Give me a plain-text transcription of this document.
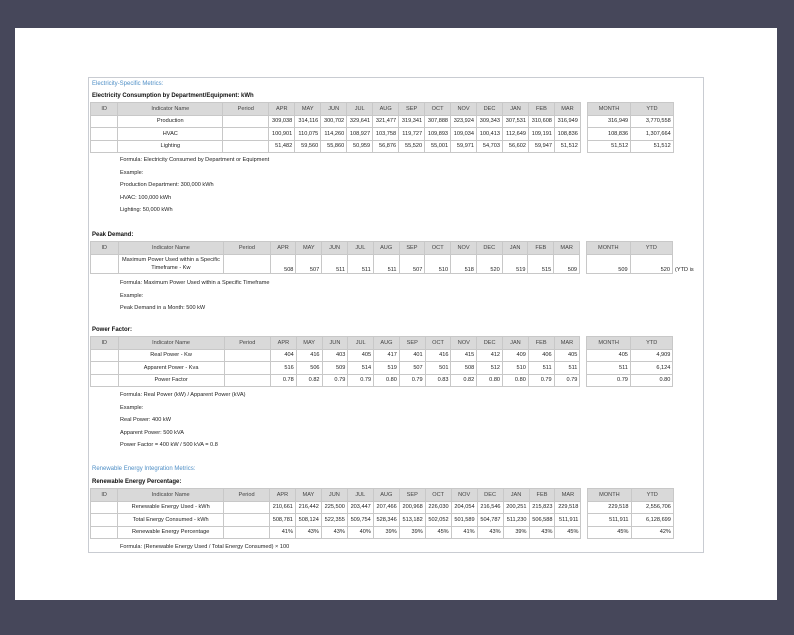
Electricity-Specific Metrics:
Electricity Consumption by Department/Equipment: kWh
ID	Indicator Name	Period	APR	MAY	JUN	JUL	AUG	SEP	OCT	NOV	DEC	JAN	FEB	MAR		MONTH	YTD	
	Production		309,038	314,116	300,702	329,641	321,477	319,341	307,888	323,924	309,343	307,531	310,608	316,949		316,949	3,770,558	
	HVAC		100,901	110,075	114,260	108,927	103,758	119,727	109,893	109,034	100,413	112,649	109,191	108,836		108,836	1,307,664	
	Lighting		51,482	59,560	55,860	50,959	56,876	55,520	55,001	59,971	54,703	56,602	59,947	51,512		51,512	51,512	
Formula: Electricity Consumed by Department or Equipment
Example:
Production Department: 300,000 kWh
HVAC: 100,000 kWh
Lighting: 50,000 kWh
Peak Demand:
ID	Indicator Name	Period	APR	MAY	JUN	JUL	AUG	SEP	OCT	NOV	DEC	JAN	FEB	MAR		MONTH	YTD	
	Maximum Power Used within a Specific Timeframe - Kw		508	507	511	511	511	507	510	518	520	519	515	509		509	520	(YTD is
Formula: Maximum Power Used within a Specific Timeframe
Example:
Peak Demand in a Month: 500 kW
Power Factor:
ID	Indicator Name	Period	APR	MAY	JUN	JUL	AUG	SEP	OCT	NOV	DEC	JAN	FEB	MAR		MONTH	YTD	
	Real Power - Kw		404	416	403	405	417	401	416	415	412	409	406	405		405	4,909	
	Apparent Power - Kva		516	506	509	514	519	507	501	508	512	510	511	511		511	6,124	
	Power Factor		0.78	0.82	0.79	0.79	0.80	0.79	0.83	0.82	0.80	0.80	0.79	0.79		0.79	0.80	
Formula: Real Power (kW) / Apparent Power (kVA)
Example:
Real Power: 400 kW
Apparent Power: 500 kVA
Power Factor = 400 kW / 500 kVA = 0.8
Renewable Energy Integration Metrics:
Renewable Energy Percentage:
ID	Indicator Name	Period	APR	MAY	JUN	JUL	AUG	SEP	OCT	NOV	DEC	JAN	FEB	MAR		MONTH	YTD	
	Renewable Energy Used - kWh		210,661	216,442	225,500	203,447	207,466	200,968	226,030	204,054	216,546	200,251	215,823	229,518		229,518	2,556,706	
	Total Energy Consumed - kWh		508,781	508,124	522,355	509,754	528,346	513,182	502,052	501,589	504,787	511,230	506,588	511,911		511,911	6,128,699	
	Renewable Energy Percentage		41%	43%	43%	40%	39%	39%	45%	41%	43%	39%	43%	45%		45%	42%	
Formula: (Renewable Energy Used / Total Energy Consumed) × 100
